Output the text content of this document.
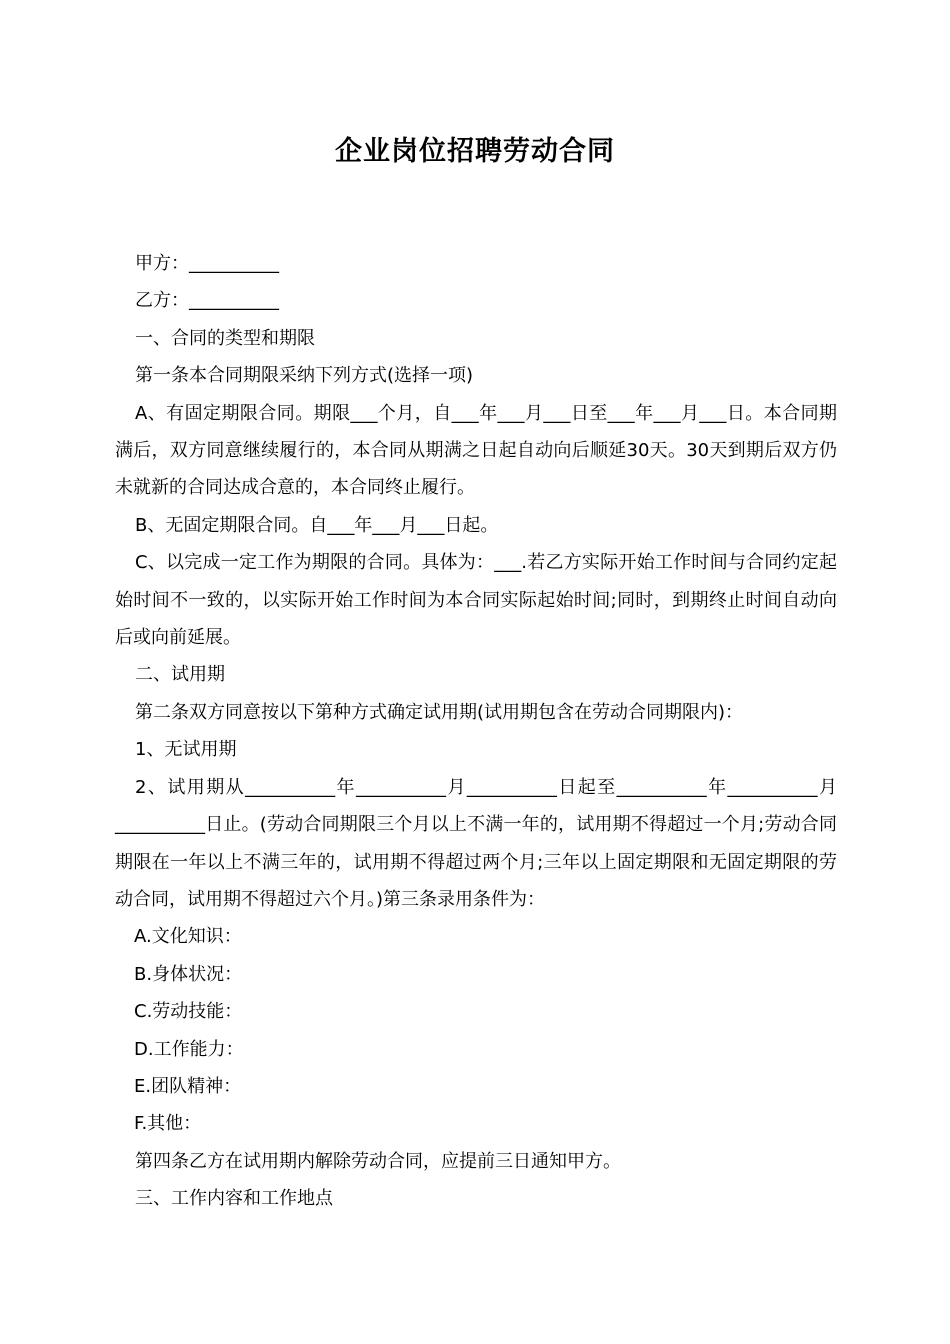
企业岗位招聘劳动合同

甲方：__________

乙方：__________

一、合同的类型和期限

第一条本合同期限采纳下列方式(选择一项)

A、有固定期限合同。期限___个月，自___年___月___日至___年___月___日。本合同期满后，双方同意继续履行的，本合同从期满之日起自动向后顺延30天。30天到期后双方仍未就新的合同达成合意的，本合同终止履行。

B、无固定期限合同。自___年___月___日起。

C、以完成一定工作为期限的合同。具体为：___.若乙方实际开始工作时间与合同约定起始时间不一致的，以实际开始工作时间为本合同实际起始时间;同时，到期终止时间自动向后或向前延展。

二、试用期

第二条双方同意按以下第种方式确定试用期(试用期包含在劳动合同期限内)：

1、无试用期

2、试用期从__________年__________月__________日起至__________年__________月__________日止。(劳动合同期限三个月以上不满一年的，试用期不得超过一个月;劳动合同期限在一年以上不满三年的，试用期不得超过两个月;三年以上固定期限和无固定期限的劳动合同，试用期不得超过六个月。)第三条录用条件为：

A.文化知识：

B.身体状况：

C.劳动技能：

D.工作能力：

E.团队精神：

F.其他：

第四条乙方在试用期内解除劳动合同，应提前三日通知甲方。

三、工作内容和工作地点
